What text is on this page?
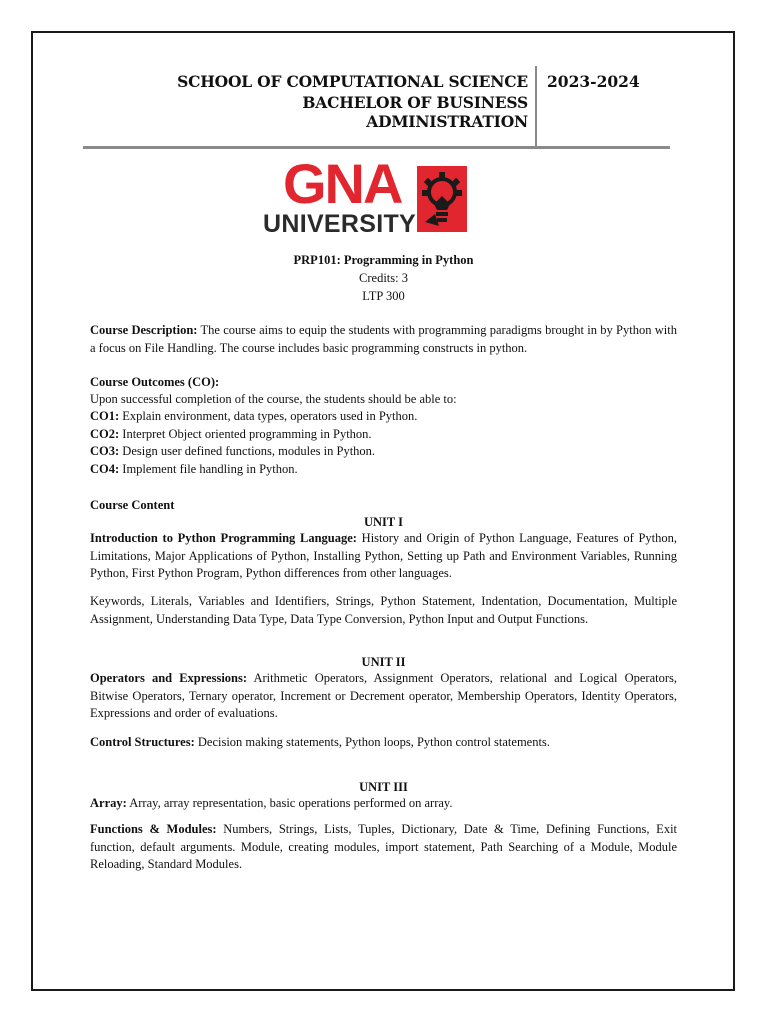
SCHOOL OF COMPUTATIONAL SCIENCE
BACHELOR OF BUSINESS ADMINISTRATION
2023-2024
GNA
UNIVERSITY
PRP101: Programming in Python
Credits: 3
LTP 300
Course Description: The course aims to equip the students with programming paradigms brought in by Python with a focus on File Handling. The course includes basic programming constructs in python.
Course Outcomes (CO):
Upon successful completion of the course, the students should be able to:
CO1: Explain environment, data types, operators used in Python.
CO2: Interpret Object oriented programming in Python.
CO3: Design user defined functions, modules in Python.
CO4: Implement file handling in Python.
Course Content
UNIT I
Introduction to Python Programming Language: History and Origin of Python Language, Features of Python, Limitations, Major Applications of Python, Installing Python, Setting up Path and Environment Variables, Running Python, First Python Program, Python differences from other languages.
Keywords, Literals, Variables and Identifiers, Strings, Python Statement, Indentation, Documentation, Multiple Assignment, Understanding Data Type, Data Type Conversion, Python Input and Output Functions.
UNIT II
Operators and Expressions: Arithmetic Operators, Assignment Operators, relational and Logical Operators, Bitwise Operators, Ternary operator, Increment or Decrement operator, Membership Operators, Identity Operators, Expressions and order of evaluations.
Control Structures: Decision making statements, Python loops, Python control statements.
UNIT III
Array: Array, array representation, basic operations performed on array.
Functions & Modules: Numbers, Strings, Lists, Tuples, Dictionary, Date & Time, Defining Functions, Exit function, default arguments. Module, creating modules, import statement, Path Searching of a Module, Module Reloading, Standard Modules.
